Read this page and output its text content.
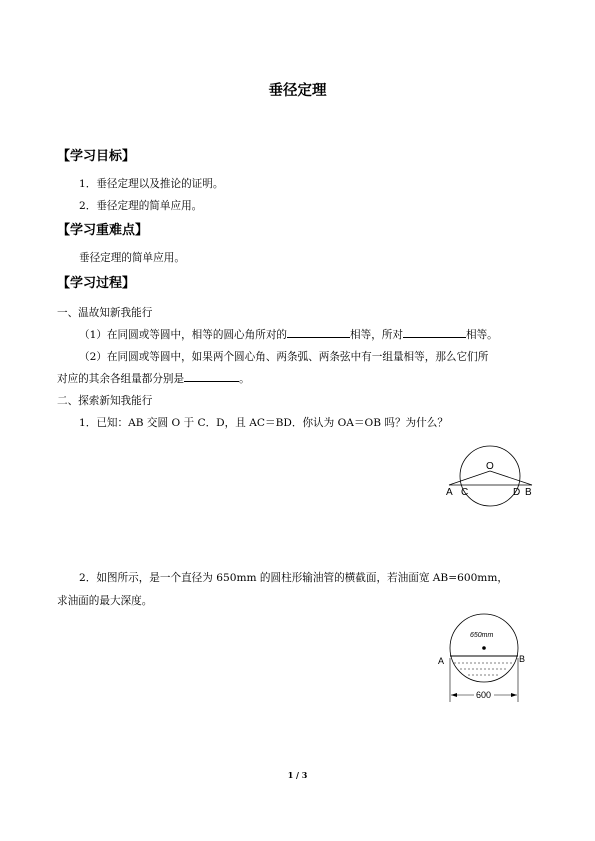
垂径定理
【学习目标】
1．垂径定理以及推论的证明。
2．垂径定理的简单应用。
【学习重难点】
垂径定理的简单应用。
【学习过程】
一、温故知新我能行
（1）在同圆或等圆中，相等的圆心角所对的	相等，所对	相等。
（2）在同圆或等圆中，如果两个圆心角、两条弧、两条弦中有一组量相等，那么它们所
对应的其余各组量都分别是	。
二、探索新知我能行
1．已知：AB 交圆 O 于 C．D，且 AC＝BD．你认为 OA＝OB 吗？为什么？
O
A C	D B
2．如图所示，是一个直径为 650mm 的圆柱形输油管的横截面，若油面宽 AB=600mm，
求油面的最大深度。
650mm
A	B
600
1 / 3
